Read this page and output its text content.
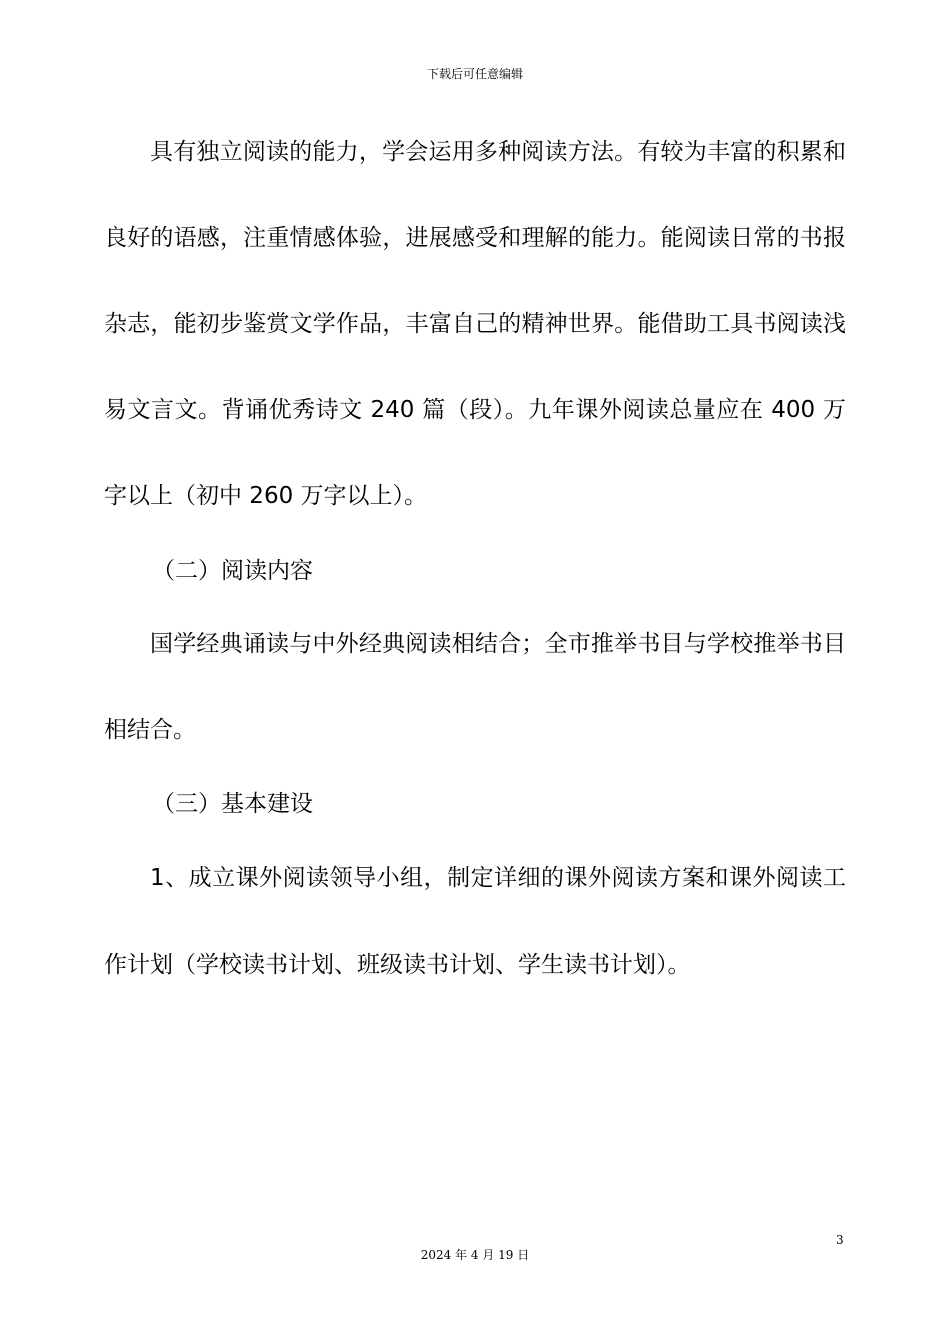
下载后可任意编辑
具有独立阅读的能力，学会运用多种阅读方法。有较为丰富的积累和
良好的语感，注重情感体验，进展感受和理解的能力。能阅读日常的书报
杂志，能初步鉴赏文学作品，丰富自己的精神世界。能借助工具书阅读浅
易文言文。背诵优秀诗文 240 篇（段）。九年课外阅读总量应在 400 万
字以上（初中 260 万字以上）。
（二）阅读内容
国学经典诵读与中外经典阅读相结合；全市推举书目与学校推举书目
相结合。
（三）基本建设
1、成立课外阅读领导小组，制定详细的课外阅读方案和课外阅读工
作计划（学校读书计划、班级读书计划、学生读书计划）。
3
2024 年 4 月 19 日
